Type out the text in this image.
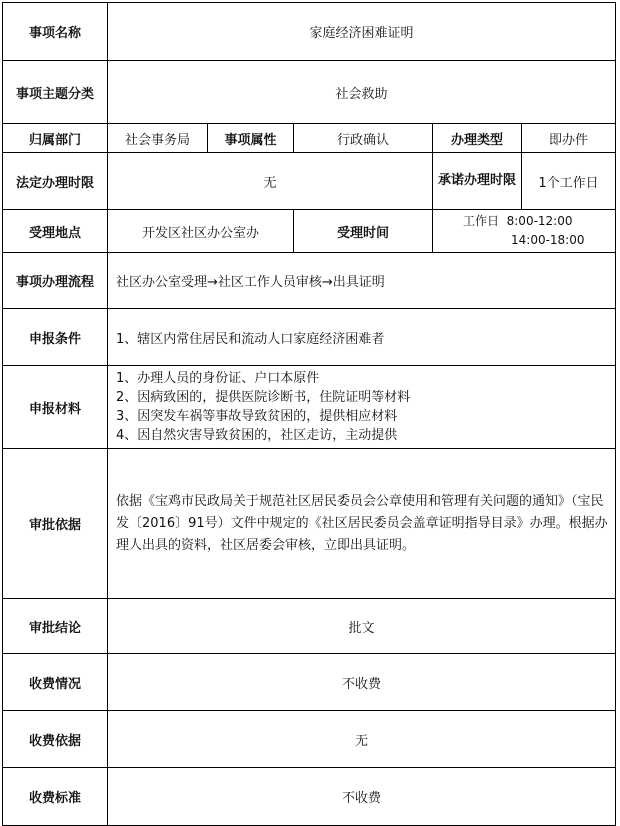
事项名称	家庭经济困难证明				
事项主题分类	社会救助				
归属部门	社会事务局	事项属性	行政确认	办理类型	即办件
法定办理时限	无			承诺办理时限	1个工作日
受理地点	开发区社区办公室办		受理时间	工作日  8:00-12:00
14:00-18:00	

事项办理流程	社区办公室受理→社区工作人员审核→出具证明				
申报条件	1、辖区内常住居民和流动人口家庭经济困难者				
申报材料	1、办理人员的身份证、户口本原件
2、因病致困的，提供医院诊断书，住院证明等材料
3、因突发车祸等事故导致贫困的，提供相应材料
4、因自然灾害导致贫困的，社区走访，主动提供				

审批依据	依据《宝鸡市民政局关于规范社区居民委员会公章使用和管理有关问题的通知》（宝民发〔2016〕91号）文件中规定的《社区居民委员会盖章证明指导目录》办理。根据办理人出具的资料，社区居委会审核，立即出具证明。				
审批结论	批文				
收费情况	不收费				
收费依据	无				
收费标准	不收费				
